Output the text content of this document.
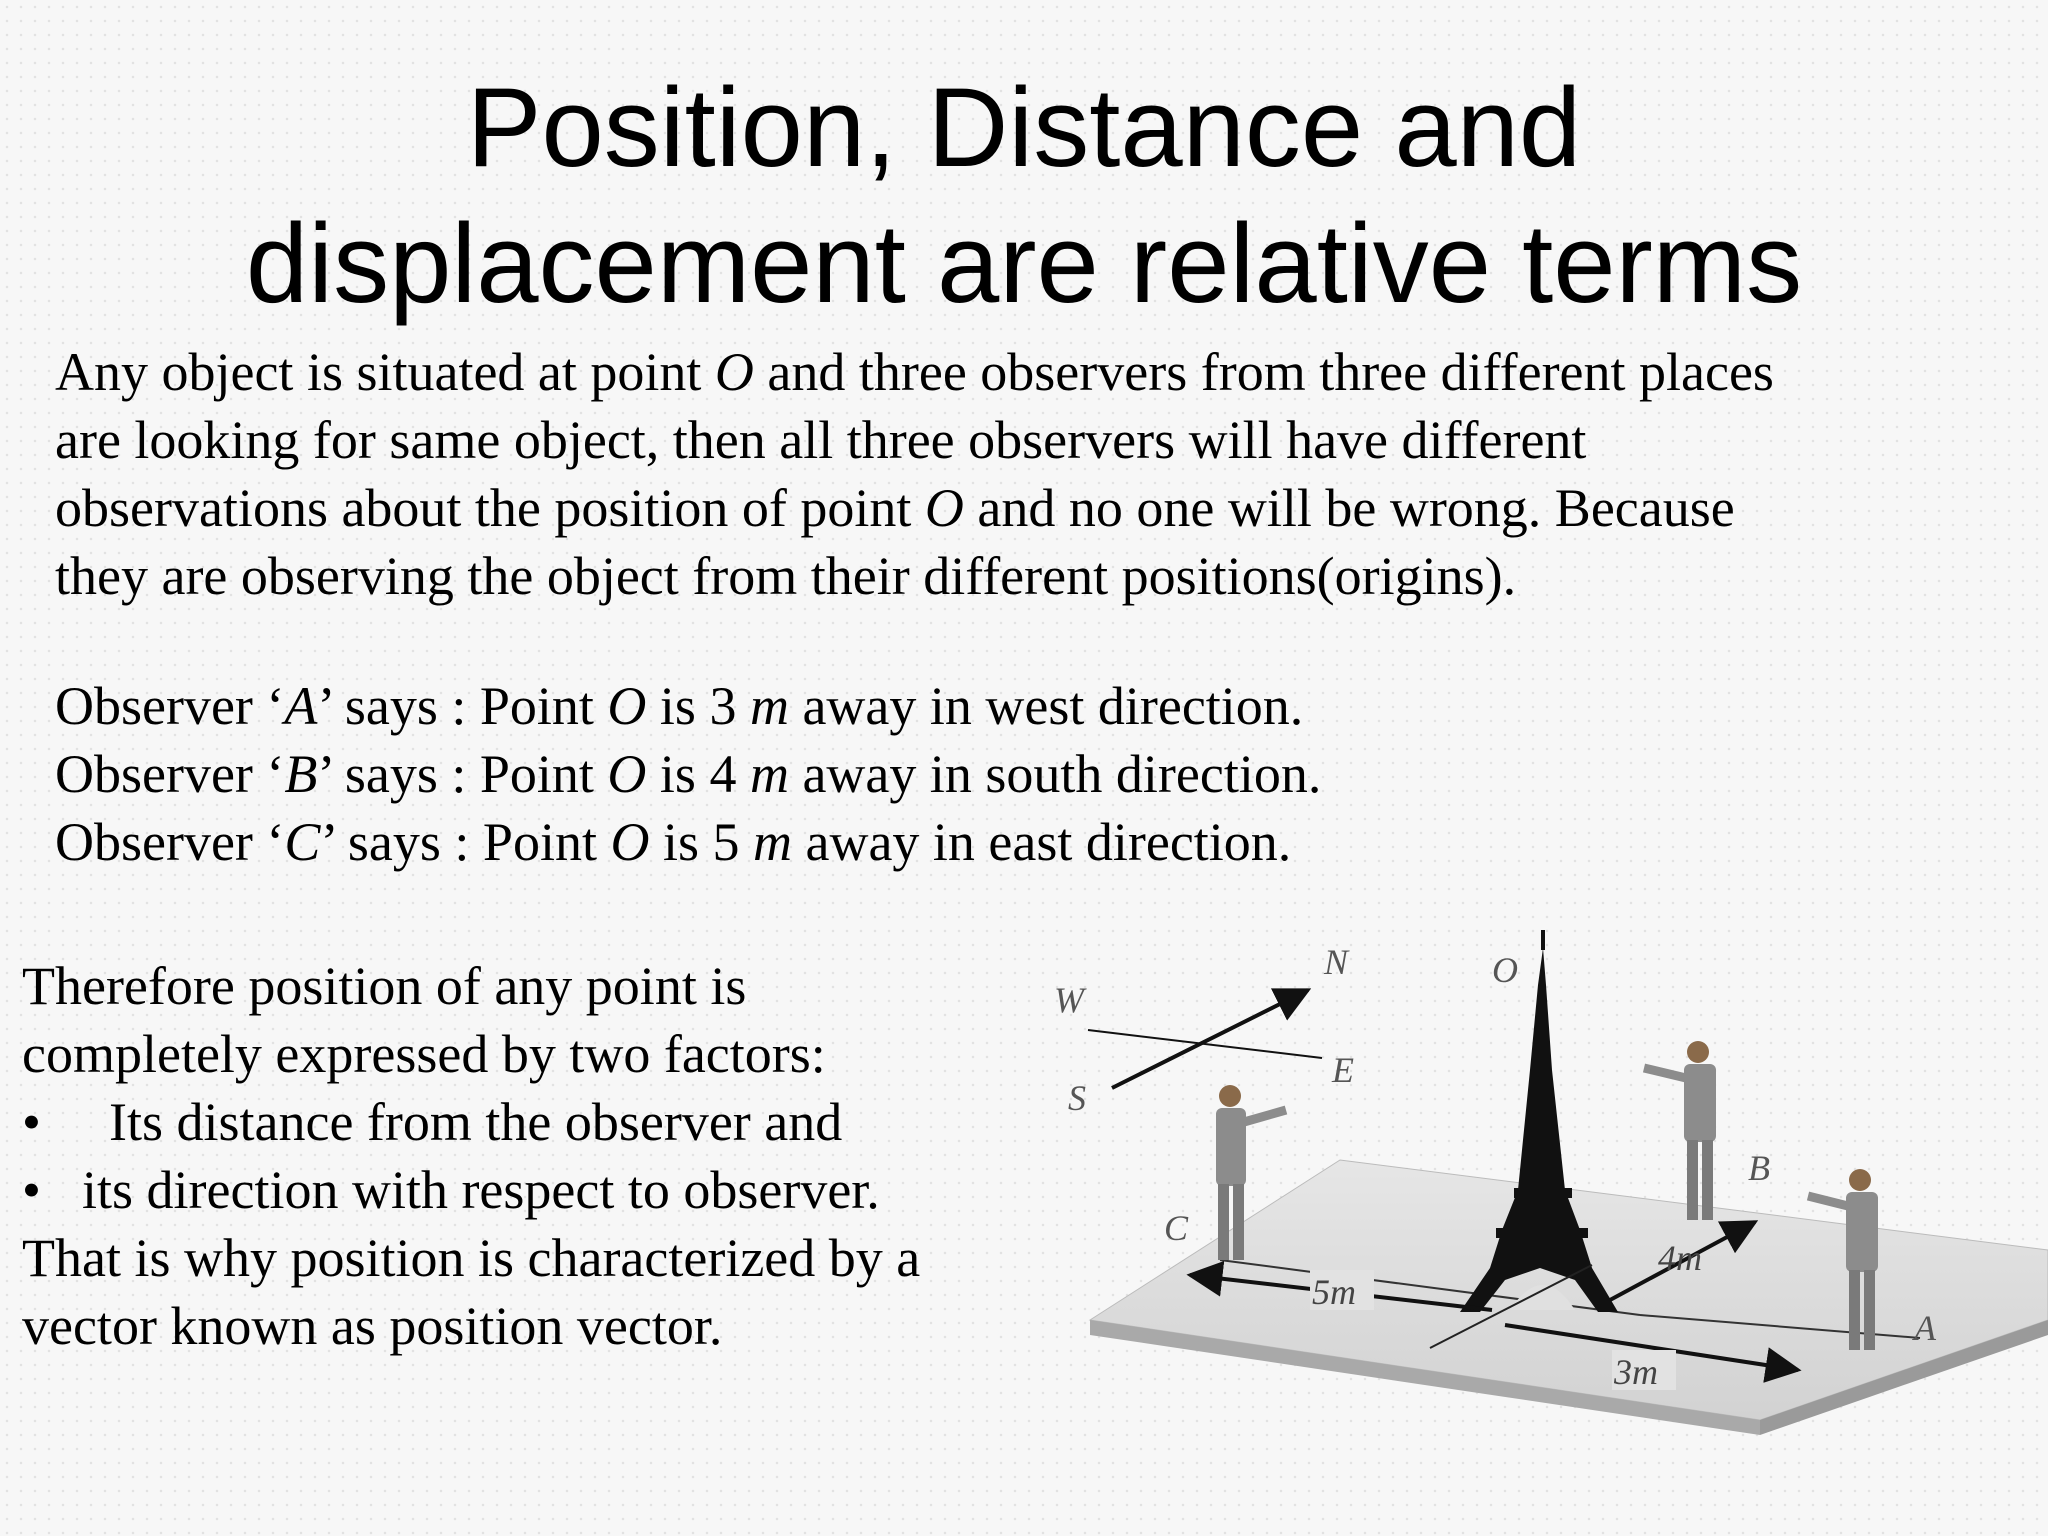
Position, Distance and
displacement are relative terms

Any object is situated at point O and three observers from three different places

are looking for same object, then all three observers will have different

observations about the position of point O and no one will be wrong. Because

they are observing the object from their different positions(origins).

Observer ‘A’ says : Point O is 3 m away in west direction.
Observer ‘B’ says : Point O is 4 m away in south direction.
Observer ‘C’ says : Point O is 5 m away in east direction.

Therefore position of any point is

completely expressed by two factors:

• Its distance from the observer and

• its direction with respect to observer.

That is why position is characterized by a

vector known as position vector.

W
N
E
S
O
5m
3m
4m
C
B
A
